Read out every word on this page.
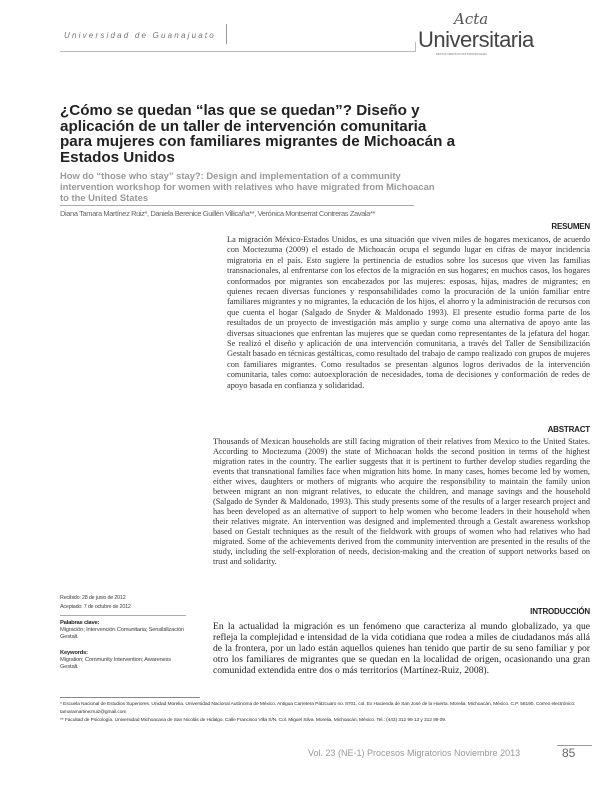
Universidad de Guanajuato
Acta
Universitaria
REVISTA CIENTÍFICA MULTIDISCIPLINARIA
¿Cómo se quedan “las que se quedan”? Diseño y aplicación de un taller de intervención comunitaria para mujeres con familiares migrantes de Michoacán a Estados Unidos
How do “those who stay” stay?: Design and implementation of a community intervention workshop for women with relatives who have migrated from Michoacan to the United States
Diana Tamara Martínez Ruiz*, Daniela Berenice Guillén Villicaña**, Verónica Montserrat Contreras Zavala**
RESUMEN

La migración México-Estados Unidos, es una situación que viven miles de hogares mexicanos, de acuerdo con Moctezuma (2009) el estado de Michoacán ocupa el segundo lugar en cifras de mayor incidencia migratoria en el país. Esto sugiere la pertinencia de estudios sobre los sucesos que viven las familias transnacionales, al enfrentarse con los efectos de la migración en sus hogares; en muchos casos, los hogares conformados por migrantes son encabezados por las mujeres: esposas, hijas, madres de migrantes; en quienes recaen diversas funciones y responsabilidades como la procuración de la unión familiar entre familiares migrantes y no migrantes, la educación de los hijos, el ahorro y la administración de recursos con que cuenta el hogar (Salgado de Snyder & Maldonado 1993). El presente estudio forma parte de los resultados de un proyecto de investigación más amplio y surge como una alternativa de apoyo ante las diversas situaciones que enfrentan las mujeres que se quedan como representantes de la jefatura del hogar. Se realizó el diseño y aplicación de una intervención comunitaria, a través del Taller de Sensibilización Gestalt basado en técnicas gestálticas, como resultado del trabajo de campo realizado con grupos de mujeres con familiares migrantes. Como resultados se presentan algunos logros derivados de la intervención comunitaria, tales como: autoexploración de necesidades, toma de decisiones y conformación de redes de apoyo basada en confianza y solidaridad.

ABSTRACT

Thousands of Mexican households are still facing migration of their relatives from Mexico to the United States. According to Moctezuma (2009) the state of Michoacan holds the second position in terms of the highest migration rates in the country. The earlier suggests that it is pertinent to further develop studies regarding the events that transnational families face when migration hits home. In many cases, homes become led by women, either wives, daughters or mothers of migrants who acquire the responsibility to maintain the family union between migrant an non migrant relatives, to educate the children, and manage savings and the household (Salgado de Synder & Maldonado, 1993). This study presents some of the results of a larger research project and has been developed as an alternative of support to help women who become leaders in their household when their relatives migrate. An intervention was designed and implemented through a Gestalt awareness workshop based on Gestalt techniques as the result of the fieldwork with groups of women who had relatives who had migrated. Some of the achievements derived from the community intervention are presented in the results of the study, including the self-exploration of needs, decision-making and the creation of support networks based on trust and solidarity.

Recibido: 28 de junio de 2012
Aceptado: 7 de octubre de 2012
Palabras clave:
Migración; Intervención Comunitaria; Sensibilización Gestalt.
Keywords:
Migration; Community Intervention; Awareness Gestalt.
INTRODUCCIÓN

En la actualidad la migración es un fenómeno que caracteriza al mundo globalizado, ya que refleja la complejidad e intensidad de la vida cotidiana que rodea a miles de ciudadanos más allá de la frontera, por un lado están aquellos quienes han tenido que partir de su seno familiar y por otro los familiares de migrantes que se quedan en la localidad de origen, ocasionando una gran comunidad extendida entre dos o más territorios (Martínez-Ruiz, 2008).

* Escuela Nacional de Estudios Superiores. Unidad Morelia. Universidad Nacional Autónoma de México. Antigua Carretera Pátzcuaro no. 8701, col. Ex Hacienda de San José de la Huerta. Morelia, Michoacán, México. C.P. 58190. Correo electrónico: tamaramartinezruiz@gmail.com
** Facultad de Psicología. Universidad Michoacana de San Nicolás de Hidalgo. Calle Francisco Villa S/N. Col. Miguel Silva. Morelia, Michoacán, México. Tel.: (443) 312 99 13 y 312 99 09.
Vol. 23 (NE-1) Procesos Migratorios Noviembre 2013	85
